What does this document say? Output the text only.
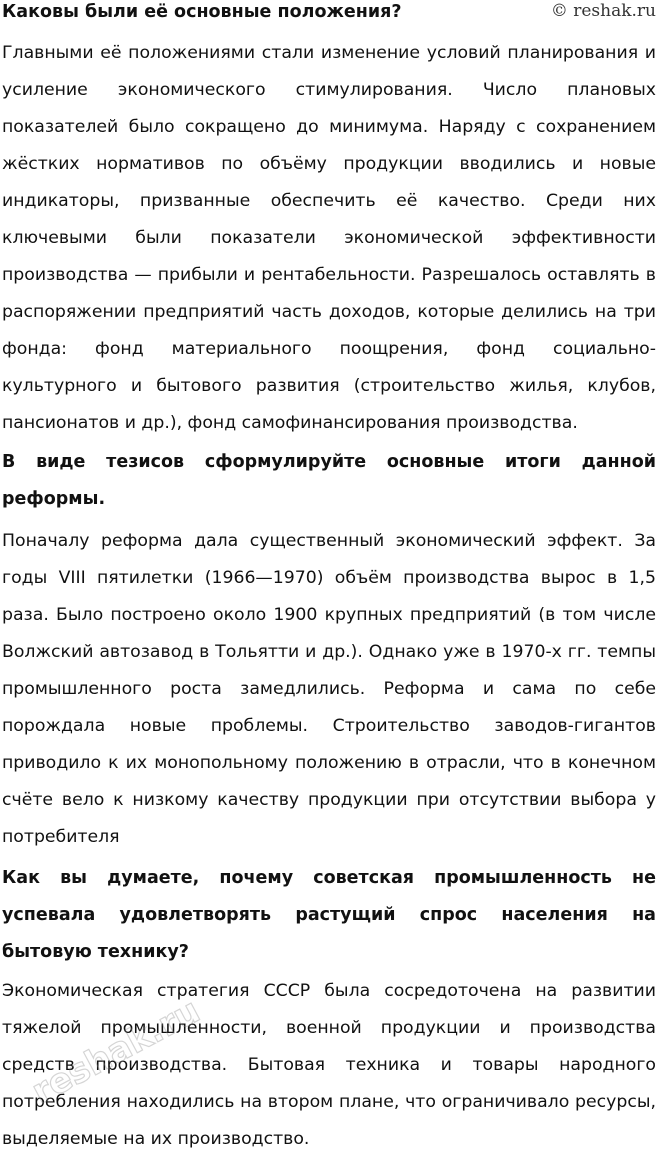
© reshak.ru
Каковы были её основные положения?

Главными её положениями стали изменение условий планирования и усиление экономического стимулирования. Число плановых показателей было сокращено до минимума. Наряду с сохранением жёстких нормативов по объёму продукции вводились и новые индикаторы, призванные обеспечить её качество. Среди них ключевыми были показатели экономической эффективности производства — прибыли и рентабельности. Разрешалось оставлять в распоряжении предприятий часть доходов, которые делились на три фонда: фонд материального поощрения, фонд социально-культурного и бытового развития (строительство жилья, клубов, пансионатов и др.), фонд самофинансирования производства.

В виде тезисов сформулируйте основные итоги данной реформы.

Поначалу реформа дала существенный экономический эффект. За годы VIII пятилетки (1966—1970) объём производства вырос в 1,5 раза. Было построено около 1900 крупных предприятий (в том числе Волжский автозавод в Тольятти и др.). Однако уже в 1970-х гг. темпы промышленного роста замедлились. Реформа и сама по себе порождала новые проблемы. Строительство заводов-гигантов приводило к их монопольному положению в отрасли, что в конечном счёте вело к низкому качеству продукции при отсутствии выбора у потребителя

Как вы думаете, почему советская промышленность не успевала удовлетворять растущий спрос населения на бытовую технику?

Экономическая стратегия СССР была сосредоточена на развитии тяжелой промышленности, военной продукции и производства средств производства. Бытовая техника и товары народного потребления находились на втором плане, что ограничивало ресурсы, выделяемые на их производство.

reshak.ru
